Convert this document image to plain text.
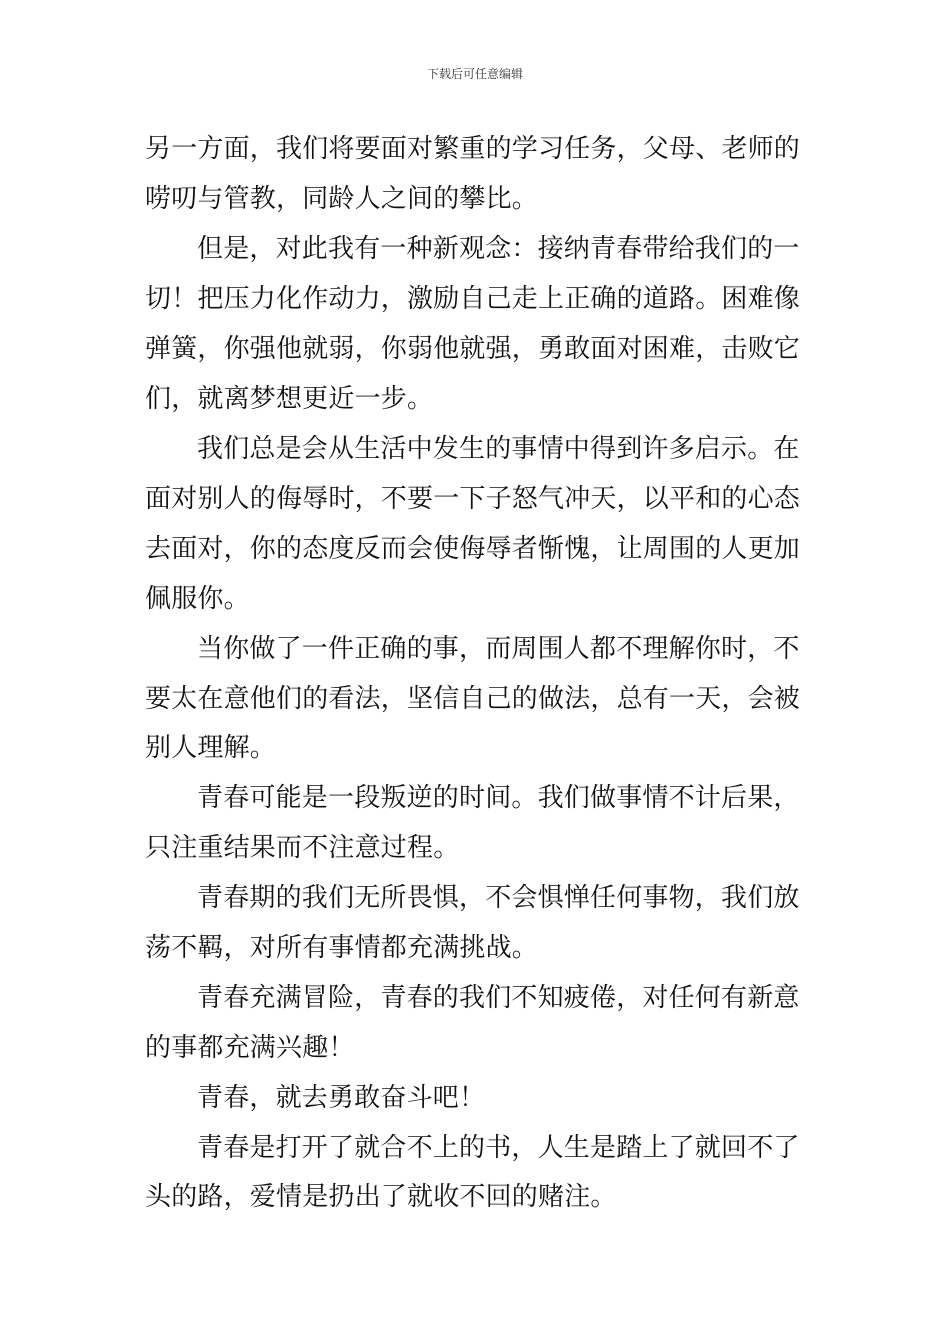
下载后可任意编辑
另一方面，我们将要面对繁重的学习任务，父母、老师的
唠叨与管教，同龄人之间的攀比。
但是，对此我有一种新观念：接纳青春带给我们的一
切！把压力化作动力，激励自己走上正确的道路。困难像
弹簧，你强他就弱，你弱他就强，勇敢面对困难，击败它
们，就离梦想更近一步。
我们总是会从生活中发生的事情中得到许多启示。在
面对别人的侮辱时，不要一下子怒气冲天，以平和的心态
去面对，你的态度反而会使侮辱者惭愧，让周围的人更加
佩服你。
当你做了一件正确的事，而周围人都不理解你时，不
要太在意他们的看法，坚信自己的做法，总有一天，会被
别人理解。
青春可能是一段叛逆的时间。我们做事情不计后果，
只注重结果而不注意过程。
青春期的我们无所畏惧，不会惧惮任何事物，我们放
荡不羁，对所有事情都充满挑战。
青春充满冒险，青春的我们不知疲倦，对任何有新意
的事都充满兴趣！
青春，就去勇敢奋斗吧！
青春是打开了就合不上的书，人生是踏上了就回不了
头的路，爱情是扔出了就收不回的赌注。
